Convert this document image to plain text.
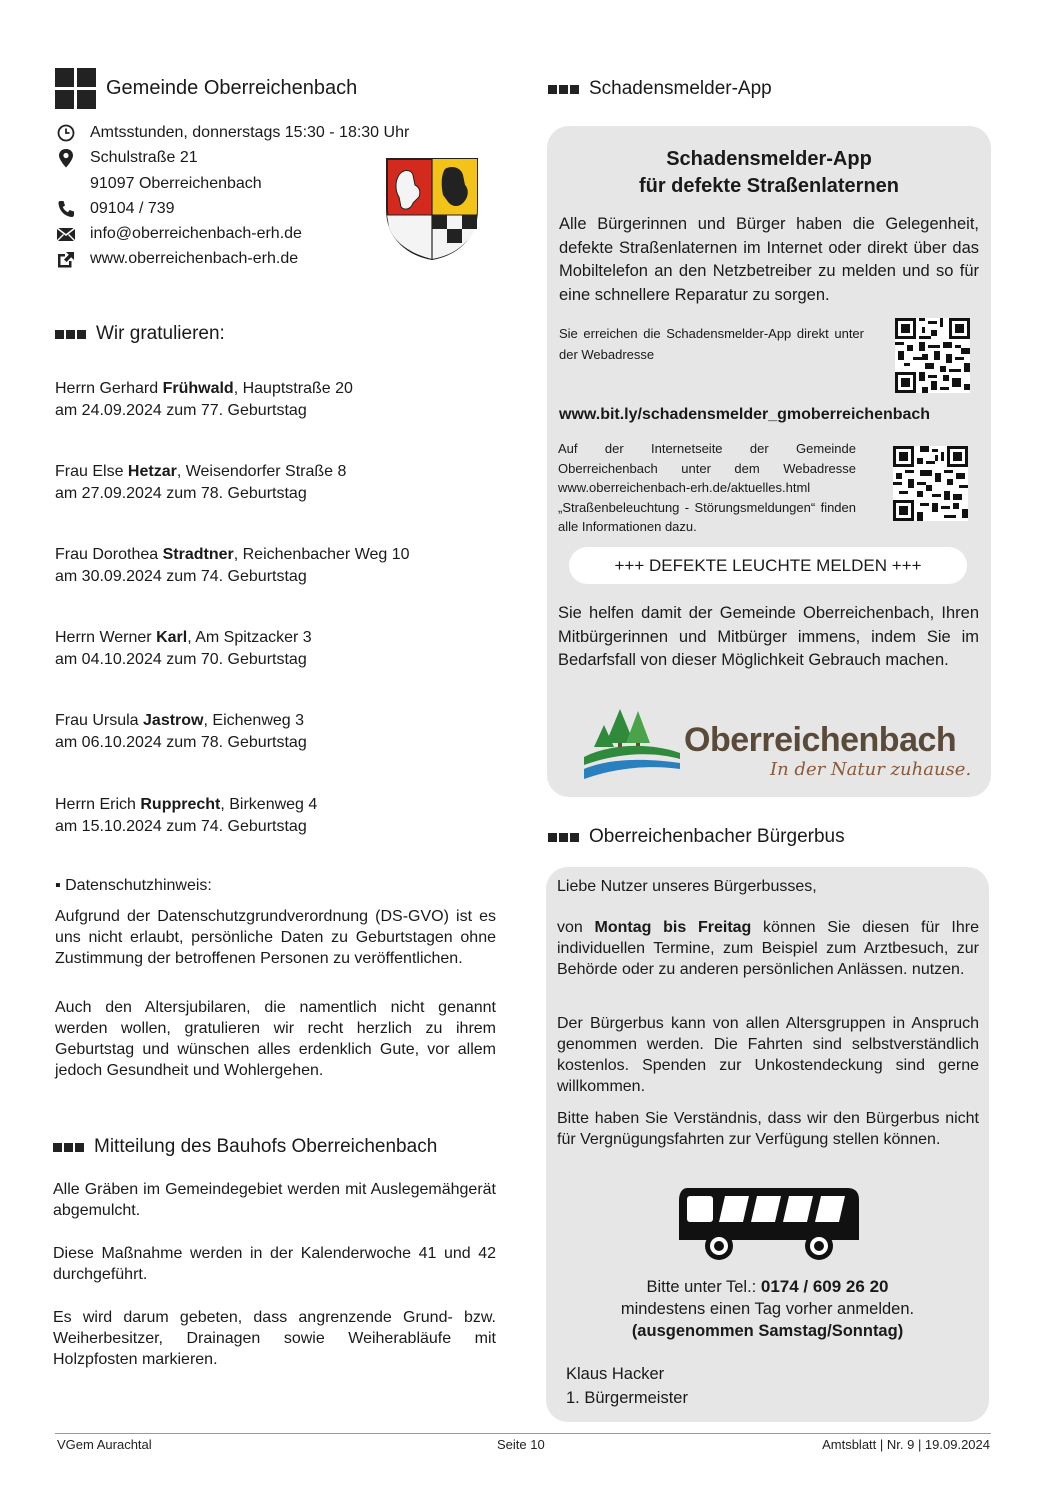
Gemeinde Oberreichenbach
Amtsstunden, donnerstags 15:30 - 18:30 Uhr
Schulstraße 21
91097 Oberreichenbach
09104 / 739
info@oberreichenbach-erh.de
www.oberreichenbach-erh.de
Wir gratulieren:
Herrn Gerhard Frühwald, Hauptstraße 20
am 24.09.2024 zum 77. Geburtstag
Frau Else Hetzar, Weisendorfer Straße 8
am 27.09.2024 zum 78. Geburtstag
Frau Dorothea Stradtner, Reichenbacher Weg 10
am 30.09.2024 zum 74. Geburtstag
Herrn Werner Karl, Am Spitzacker 3
am 04.10.2024 zum 70. Geburtstag
Frau Ursula Jastrow, Eichenweg 3
am 06.10.2024 zum 78. Geburtstag
Herrn Erich Rupprecht, Birkenweg 4
am 15.10.2024 zum 74. Geburtstag
▪ Datenschutzhinweis:
Aufgrund der Datenschutzgrundverordnung (DS-GVO) ist es uns nicht erlaubt, persönliche Daten zu Geburtstagen ohne Zustimmung der betroffenen Personen zu veröffentlichen.
Auch den Altersjubilaren, die namentlich nicht genannt werden wollen, gratulieren wir recht herzlich zu ihrem Geburtstag und wünschen alles erdenklich Gute, vor allem jedoch Gesundheit und Wohlergehen.
Mitteilung des Bauhofs Oberreichenbach
Alle Gräben im Gemeindegebiet werden mit Auslegemähgerät abgemulcht.
Diese Maßnahme werden in der Kalenderwoche 41 und 42 durchgeführt.
Es wird darum gebeten, dass angrenzende Grund- bzw. Weiherbesitzer, Drainagen sowie Weiherabläufe mit Holzpfosten markieren.
Schadensmelder-App
Schadensmelder-App
für defekte Straßenlaternen
Alle Bürgerinnen und Bürger haben die Gelegenheit, defekte Straßenlaternen im Internet oder direkt über das Mobiltelefon an den Netzbetreiber zu melden und so für eine schnellere Reparatur zu sorgen.
Sie erreichen die Schadensmelder-App direkt unter der Webadresse
www.bit.ly/schadensmelder_gmoberreichenbach
Auf der Internetseite der Gemeinde Oberreichenbach unter dem Webadresse www.oberreichenbach-erh.de/aktuelles.html „Straßenbeleuchtung - Störungsmeldungen“ finden alle Informationen dazu.
+++ DEFEKTE LEUCHTE MELDEN +++
Sie helfen damit der Gemeinde Oberreichenbach, Ihren Mitbürgerinnen und Mitbürger immens, indem Sie im Bedarfsfall von dieser Möglichkeit Gebrauch machen.
Oberreichenbach
In der Natur zuhause.
Oberreichenbacher Bürgerbus
Liebe Nutzer unseres Bürgerbusses,
von Montag bis Freitag können Sie diesen für Ihre individuellen Termine, zum Beispiel zum Arztbesuch, zur Behörde oder zu anderen persönlichen Anlässen. nutzen.
Der Bürgerbus kann von allen Altersgruppen in Anspruch genommen werden. Die Fahrten sind selbstverständlich kostenlos. Spenden zur Unkostendeckung sind gerne willkommen.
Bitte haben Sie Verständnis, dass wir den Bürgerbus nicht für Vergnügungsfahrten zur Verfügung stellen können.
Bitte unter Tel.: 0174 / 609 26 20
mindestens einen Tag vorher anmelden.
(ausgenommen Samstag/Sonntag)
Klaus Hacker
1. Bürgermeister
VGem Aurachtal	Seite 10	Amtsblatt | Nr. 9 | 19.09.2024
